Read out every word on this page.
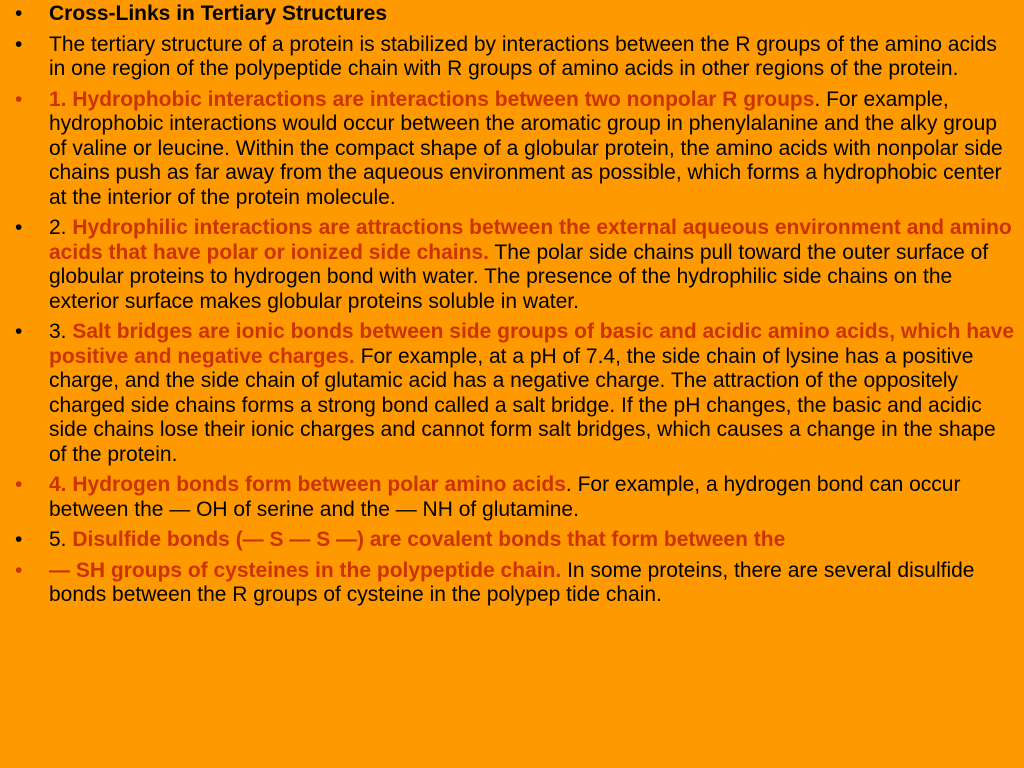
• Cross-Links in Tertiary Structures
• The tertiary structure of a protein is stabilized by interactions between the R groups of the amino acids in one region of the polypeptide chain with R groups of amino acids in other regions of the protein.
• 1. Hydrophobic interactions are interactions between two nonpolar R groups. For example, hydrophobic interactions would occur between the aromatic group in phenylalanine and the alky group of valine or leucine. Within the compact shape of a globular protein, the amino acids with nonpolar side chains push as far away from the aqueous environment as possible, which forms a hydrophobic center at the interior of the protein molecule.
• 2. Hydrophilic interactions are attractions between the external aqueous environment and amino acids that have polar or ionized side chains. The polar side chains pull toward the outer surface of globular proteins to hydrogen bond with water. The presence of the hydrophilic side chains on the exterior surface makes globular proteins soluble in water.
• 3. Salt bridges are ionic bonds between side groups of basic and acidic amino acids, which have positive and negative charges. For example, at a pH of 7.4, the side chain of lysine has a positive charge, and the side chain of glutamic acid has a negative charge. The attraction of the oppositely charged side chains forms a strong bond called a salt bridge. If the pH changes, the basic and acidic side chains lose their ionic charges and cannot form salt bridges, which causes a change in the shape of the protein.
• 4. Hydrogen bonds form between polar amino acids. For example, a hydrogen bond can occur between the — OH of serine and the — NH of glutamine.
• 5. Disulfide bonds (— S — S —) are covalent bonds that form between the
• — SH groups of cysteines in the polypeptide chain. In some proteins, there are several disulfide bonds between the R groups of cysteine in the polypep tide chain.
